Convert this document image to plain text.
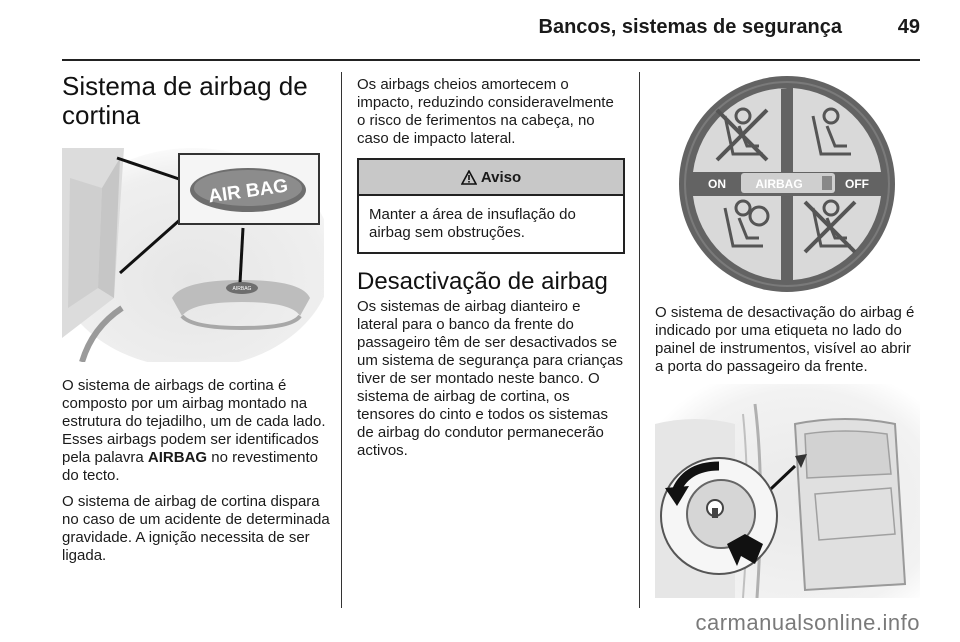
Bancos, sistemas de segurança	49
Sistema de airbag de cortina
AIR BAG
AIRBAG

O sistema de airbags de cortina é composto por um airbag montado na estrutura do tejadilho, um de cada lado. Esses airbags podem ser identificados pela palavra AIRBAG no revestimento do tecto.

O sistema de airbag de cortina dispara no caso de um acidente de determinada gravidade. A ignição necessita de ser ligada.

Os airbags cheios amortecem o impacto, reduzindo consideravelmente o risco de ferimentos na cabeça, no caso de impacto lateral.

Aviso
Manter a área de insuflação do airbag sem obstruções.
Desactivação de airbag

Os sistemas de airbag dianteiro e lateral para o banco da frente do passageiro têm de ser desactivados se um sistema de segurança para crianças tiver de ser montado neste banco. O sistema de airbag de cortina, os tensores do cinto e todos os sistemas de airbag do condutor permanecerão activos.

AIRBAG
ON	OFF

O sistema de desactivação do airbag é indicado por uma etiqueta no lado do painel de instrumentos, visível ao abrir a porta do passageiro da frente.

carmanualsonline.info
